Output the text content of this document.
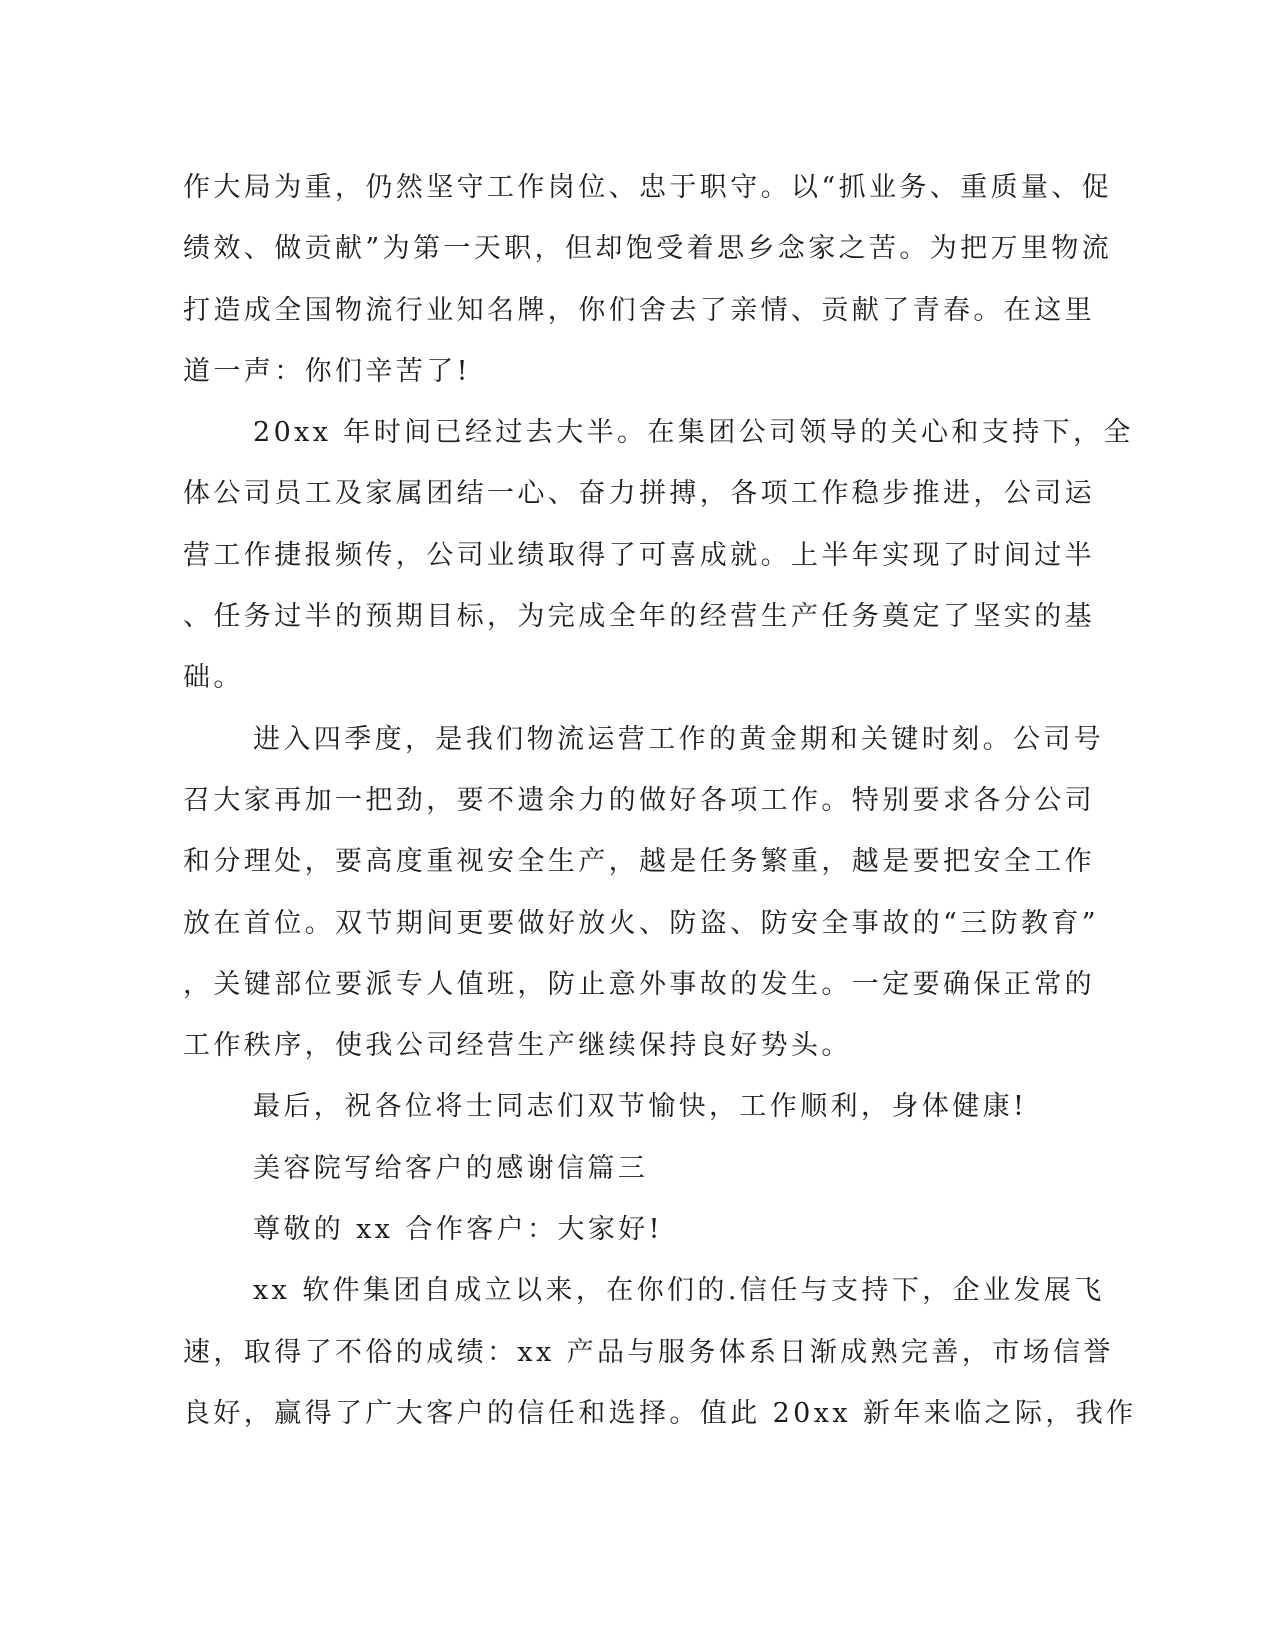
作大局为重，仍然坚守工作岗位、忠于职守。以“抓业务、重质量、促
绩效、做贡献”为第一天职，但却饱受着思乡念家之苦。为把万里物流
打造成全国物流行业知名牌，你们舍去了亲情、贡献了青春。在这里
道一声：你们辛苦了!
20xx 年时间已经过去大半。在集团公司领导的关心和支持下，全
体公司员工及家属团结一心、奋力拼搏，各项工作稳步推进，公司运
营工作捷报频传，公司业绩取得了可喜成就。上半年实现了时间过半
、任务过半的预期目标，为完成全年的经营生产任务奠定了坚实的基
础。
进入四季度，是我们物流运营工作的黄金期和关键时刻。公司号
召大家再加一把劲，要不遗余力的做好各项工作。特别要求各分公司
和分理处，要高度重视安全生产，越是任务繁重，越是要把安全工作
放在首位。双节期间更要做好放火、防盗、防安全事故的“三防教育”
，关键部位要派专人值班，防止意外事故的发生。一定要确保正常的
工作秩序，使我公司经营生产继续保持良好势头。
最后，祝各位将士同志们双节愉快，工作顺利，身体健康!
美容院写给客户的感谢信篇三
尊敬的 xx 合作客户：大家好!
xx 软件集团自成立以来，在你们的.信任与支持下，企业发展飞
速，取得了不俗的成绩：xx 产品与服务体系日渐成熟完善，市场信誉
良好，赢得了广大客户的信任和选择。值此 20xx 新年来临之际，我作
